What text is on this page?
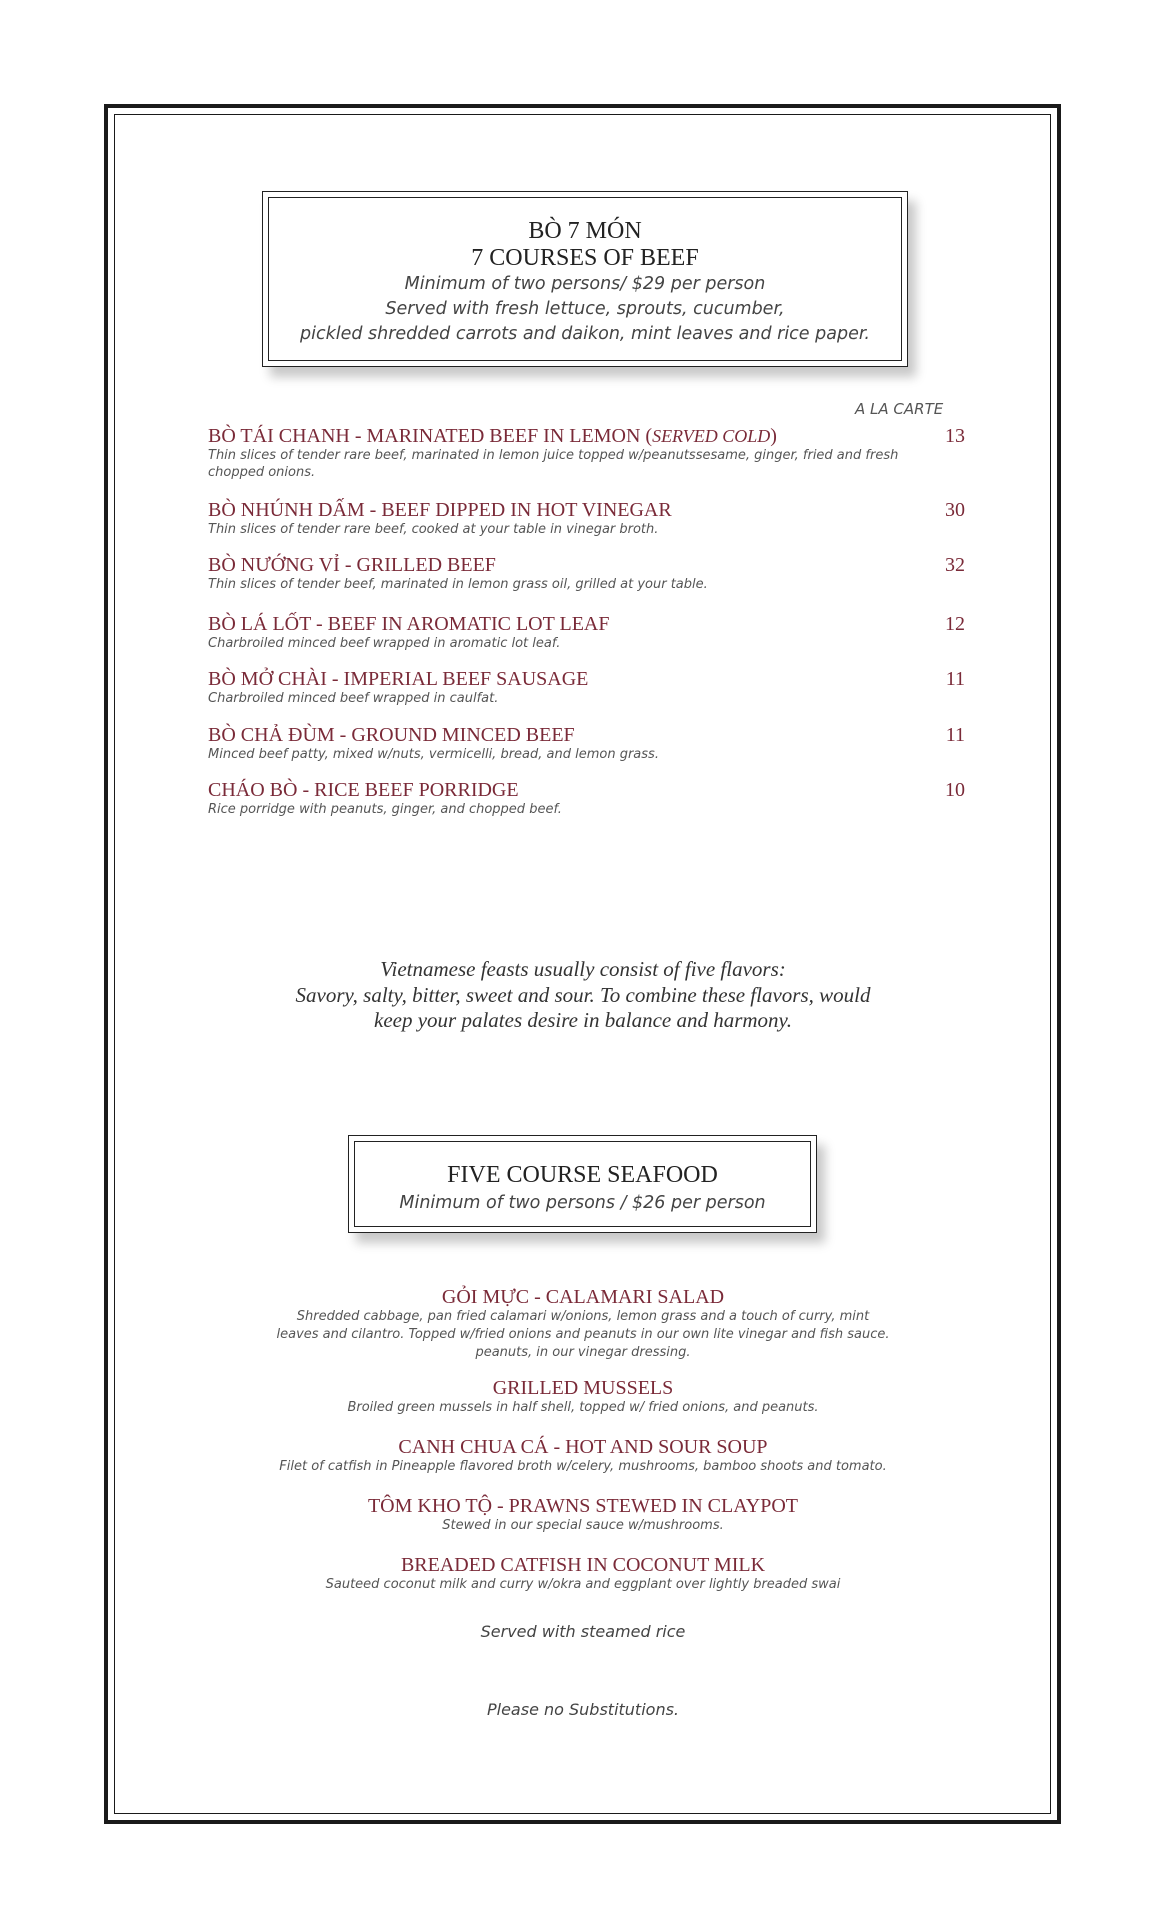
BÒ 7 MÓN
7 COURSES OF BEEF
Minimum of two persons/ $29 per person
Served with fresh lettuce, sprouts, cucumber,
pickled shredded carrots and daikon, mint leaves and rice paper.
A LA CARTE
BÒ TÁI CHANH - MARINATED BEEF IN LEMON (SERVED COLD)	13
Thin slices of tender rare beef, marinated in lemon juice topped w/peanutssesame, ginger, fried and fresh chopped onions.
BÒ NHÚNH DẤM - BEEF DIPPED IN HOT VINEGAR	30
Thin slices of tender rare beef, cooked at your table in vinegar broth.
BÒ NƯỚNG VỈ - GRILLED BEEF	32
Thin slices of tender beef, marinated in lemon grass oil, grilled at your table.
BÒ LÁ LỐT - BEEF IN AROMATIC LOT LEAF	12
Charbroiled minced beef wrapped in aromatic lot leaf.
BÒ MỞ CHÀI - IMPERIAL BEEF SAUSAGE	11
Charbroiled minced beef wrapped in caulfat.
BÒ CHẢ ĐÙM - GROUND MINCED BEEF	11
Minced beef patty, mixed w/nuts, vermicelli, bread, and lemon grass.
CHÁO BÒ - RICE BEEF PORRIDGE	10
Rice porridge with peanuts, ginger, and chopped beef.
Vietnamese feasts usually consist of five flavors:
Savory, salty, bitter, sweet and sour. To combine these flavors, would
keep your palates desire in balance and harmony.
FIVE COURSE SEAFOOD
Minimum of two persons / $26 per person
GỎI MỰC - CALAMARI SALAD
Shredded cabbage, pan fried calamari w/onions, lemon grass and a touch of curry, mint
leaves and cilantro. Topped w/fried onions and peanuts in our own lite vinegar and fish sauce.
peanuts, in our vinegar dressing.
GRILLED MUSSELS
Broiled green mussels in half shell, topped w/ fried onions, and peanuts.
CANH CHUA CÁ - HOT AND SOUR SOUP
Filet of catfish in Pineapple flavored broth w/celery, mushrooms, bamboo shoots and tomato.
TÔM KHO TỘ - PRAWNS STEWED IN CLAYPOT
Stewed in our special sauce w/mushrooms.
BREADED CATFISH IN COCONUT MILK
Sauteed coconut milk and curry w/okra and eggplant over lightly breaded swai
Served with steamed rice
Please no Substitutions.
